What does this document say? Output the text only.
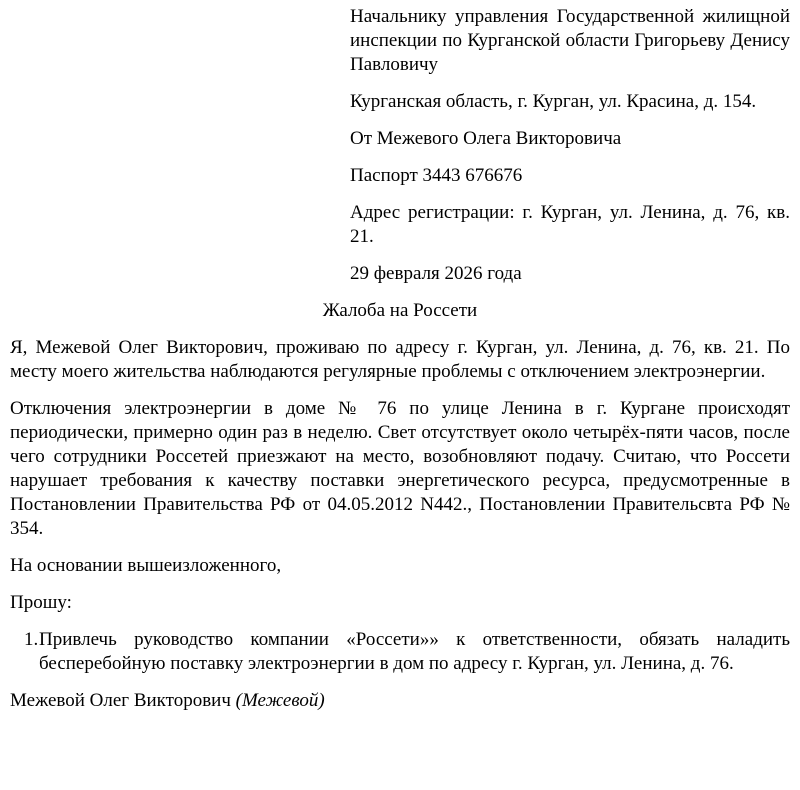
Начальнику управления Государственной жилищной инспекции по Курганской области Григорьеву Денису Павловичу

Курганская область, г. Курган, ул. Красина, д. 154.

От Межевого Олега Викторовича

Паспорт 3443 676676

Адрес регистрации: г. Курган, ул. Ленина, д. 76, кв. 21.

29 февраля 2026 года

Жалоба на Россети

Я, Межевой Олег Викторович, проживаю по адресу г. Курган, ул. Ленина, д. 76, кв. 21. По месту моего жительства наблюдаются регулярные проблемы с отключением электроэнергии.

Отключения электроэнергии в доме № 76 по улице Ленина в г. Кургане происходят периодически, примерно один раз в неделю. Свет отсутствует около четырёх-пяти часов, после чего сотрудники Россетей приезжают на место, возобновляют подачу. Считаю, что Россети нарушает требования к качеству поставки энергетического ресурса, предусмотренные в Постановлении Правительства РФ от 04.05.2012 N442., Постановлении Правительсвта РФ № 354.

На основании вышеизложенного,

Прошу:

1. Привлечь руководство компании «Россети»» к ответственности, обязать наладить бесперебойную поставку электроэнергии в дом по адресу г. Курган, ул. Ленина, д. 76.

Межевой Олег Викторович (Межевой)
